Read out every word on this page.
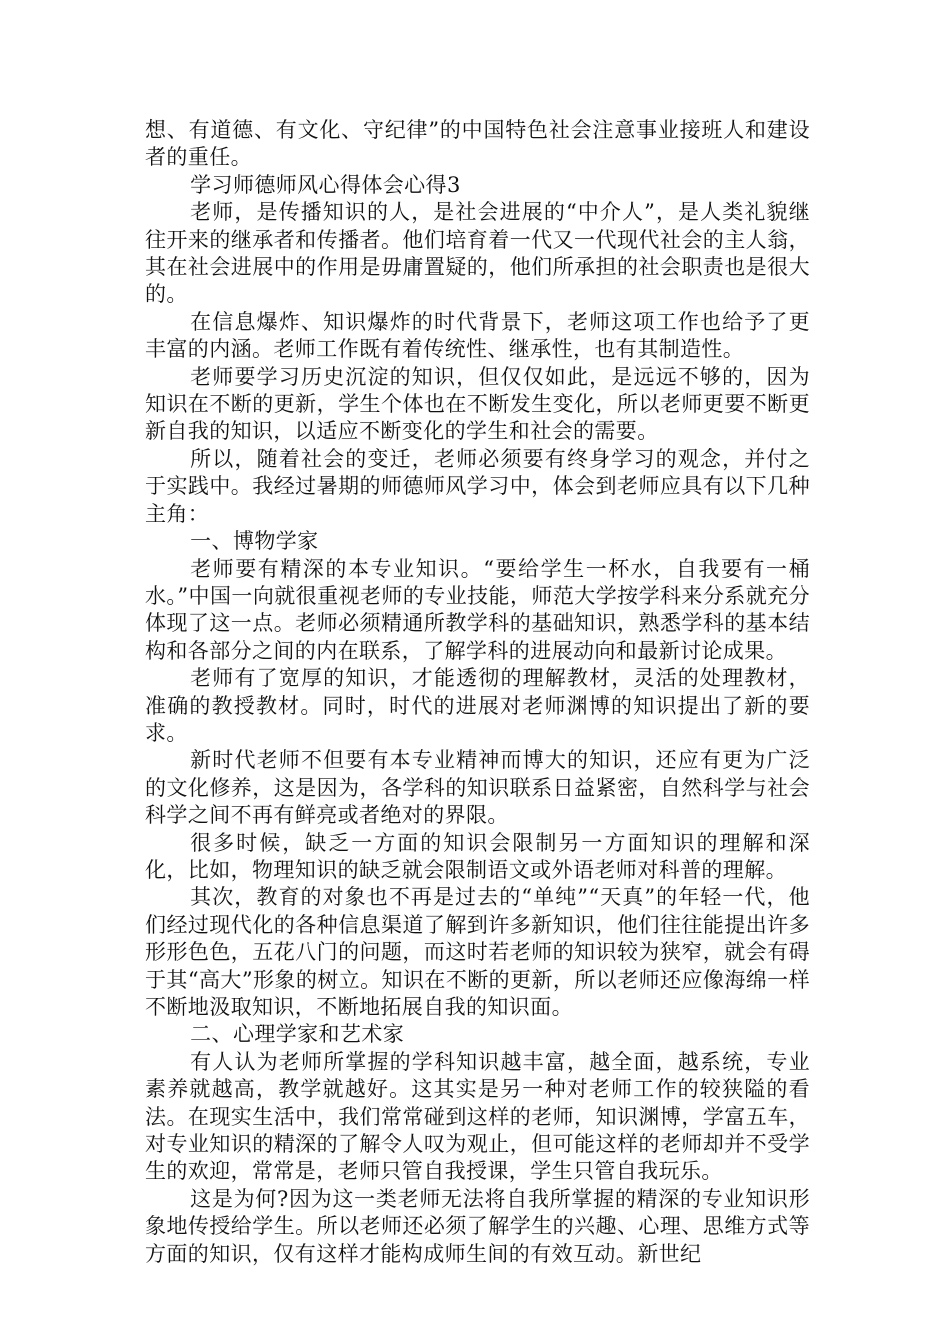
想、有道德、有文化、守纪律”的中国特色社会注意事业接班人和建设者的重任。

学习师德师风心得体会心得3

老师，是传播知识的人，是社会进展的“中介人”，是人类礼貌继往开来的继承者和传播者。他们培育着一代又一代现代社会的主人翁，其在社会进展中的作用是毋庸置疑的，他们所承担的社会职责也是很大的。

在信息爆炸、知识爆炸的时代背景下，老师这项工作也给予了更丰富的内涵。老师工作既有着传统性、继承性，也有其制造性。

老师要学习历史沉淀的知识，但仅仅如此，是远远不够的，因为知识在不断的更新，学生个体也在不断发生变化，所以老师更要不断更新自我的知识，以适应不断变化的学生和社会的需要。

所以，随着社会的变迁，老师必须要有终身学习的观念，并付之于实践中。我经过暑期的师德师风学习中，体会到老师应具有以下几种主角：

一、博物学家

老师要有精深的本专业知识。“要给学生一杯水，自我要有一桶水。”中国一向就很重视老师的专业技能，师范大学按学科来分系就充分体现了这一点。老师必须精通所教学科的基础知识，熟悉学科的基本结构和各部分之间的内在联系，了解学科的进展动向和最新讨论成果。

老师有了宽厚的知识，才能透彻的理解教材，灵活的处理教材，准确的教授教材。同时，时代的进展对老师渊博的知识提出了新的要求。

新时代老师不但要有本专业精神而博大的知识，还应有更为广泛的文化修养，这是因为，各学科的知识联系日益紧密，自然科学与社会科学之间不再有鲜亮或者绝对的界限。

很多时候，缺乏一方面的知识会限制另一方面知识的理解和深化，比如，物理知识的缺乏就会限制语文或外语老师对科普的理解。

其次，教育的对象也不再是过去的“单纯”“天真”的年轻一代，他们经过现代化的各种信息渠道了解到许多新知识，他们往往能提出许多形形色色，五花八门的问题，而这时若老师的知识较为狭窄，就会有碍于其“高大”形象的树立。知识在不断的更新，所以老师还应像海绵一样不断地汲取知识，不断地拓展自我的知识面。

二、心理学家和艺术家

有人认为老师所掌握的学科知识越丰富，越全面，越系统，专业素养就越高，教学就越好。这其实是另一种对老师工作的较狭隘的看法。在现实生活中，我们常常碰到这样的老师，知识渊博，学富五车，对专业知识的精深的了解令人叹为观止，但可能这样的老师却并不受学生的欢迎，常常是，老师只管自我授课，学生只管自我玩乐。

这是为何?因为这一类老师无法将自我所掌握的精深的专业知识形象地传授给学生。所以老师还必须了解学生的兴趣、心理、思维方式等方面的知识，仅有这样才能构成师生间的有效互动。新世纪
